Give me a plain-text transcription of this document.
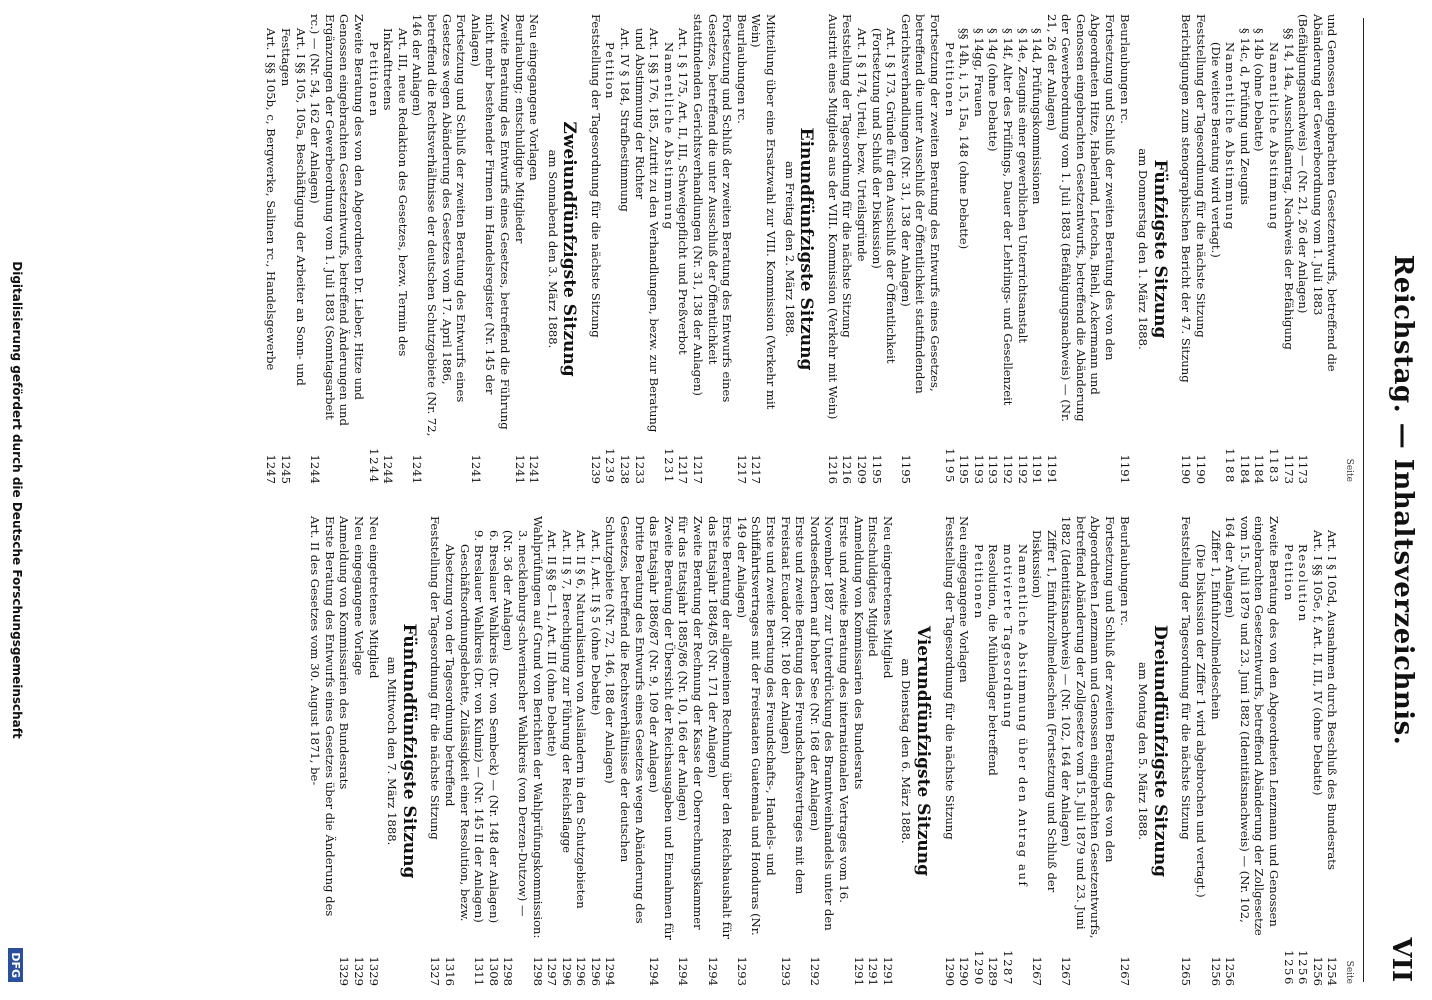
Reichstag. — Inhaltsverzeichnis.
VII
Seite
und Genossen eingebrachten Gesetzentwurfs, betreffend die Abänderung der Gewerbeordnung vom 1. Juli 1883 (Befähigungsnachweis) — (Nr. 21, 26 der Anlagen)
1173
§§ 14, 14a, Ausschußantrag, Nachweis der Befähigung
1173
Namentliche Abstimmung
1183
§ 14b (ohne Debatte)
1184
§ 14c, d, Prüfung und Zeugnis
1184
Namentliche Abstimmung
1188
(Die weitere Beratung wird vertagt.)
Feststellung der Tagesordnung für die nächste Sitzung
1190
Berichtigungen zum stenographischen Bericht der 47. Sitzung
1190
Fünfzigste Sitzung
am Donnerstag den 1. März 1888.
Beurlaubungen rc.
1191
Fortsetzung und Schluß der zweiten Beratung des von den Abgeordneten Hitze, Haberland, Letocha, Biehl, Ackermann und Genossen eingebrachten Gesetzentwurfs, betreffend die Abänderung der Gewerbeordnung vom 1. Juli 1883 (Befähigungsnachweis) — (Nr. 21, 26 der Anlagen)
1191
§ 14d, Prüfungskommissionen
1191
§ 14e, Zeugnis einer gewerblichen Unterrichtsanstalt
1192
§ 14f, Alter des Prüflings, Dauer der Lehrlings- und Gesellenzeit
1192
§ 14g (ohne Debatte)
1193
§ 14gg, Frauen
1193
§§ 14h, i, 15, 15a, 148 (ohne Debatte)
1195
Petitionen
1195
Fortsetzung der zweiten Beratung des Entwurfs eines Gesetzes, betreffend die unter Ausschluß der Öffentlichkeit stattfindenden Gerichtsverhandlungen (Nr. 31, 138 der Anlagen)
1195
Art. I § 173, Gründe für den Ausschluß der Öffentlichkeit (Fortsetzung und Schluß der Diskussion)
1195
Art. I § 174, Urteil, bezw. Urteilsgründe
1209
Feststellung der Tagesordnung für die nächste Sitzung
1216
Austritt eines Mitglieds aus der VIII. Kommission (Verkehr mit Wein)
1216
Einundfünfzigste Sitzung
am Freitag den 2. März 1888.
Mitteilung über eine Ersatzwahl zur VIII. Kommission (Verkehr mit Wein)
1217
Beurlaubungen rc.
1217
Fortsetzung und Schluß der zweiten Beratung des Entwurfs eines Gesetzes, betreffend die unter Ausschluß der Öffentlichkeit stattfindenden Gerichtsverhandlungen (Nr. 31, 138 der Anlagen)
1217
Art. I § 175, Art. II, III, Schweigepflicht und Preßverbot
1217
Namentliche Abstimmung
1231
Art. I §§ 176, 185, Zutritt zu den Verhandlungen, bezw. zur Beratung und Abstimmung der Richter
1233
Art. IV § 184, Strafbestimmung
1238
Petition
1239
Feststellung der Tagesordnung für die nächste Sitzung
1239
Zweiundfünfzigste Sitzung
am Sonnabend den 3. März 1888.
Neu eingegangene Vorlagen
1241
Beurlaubung; entschuldigte Mitglieder
1241
Zweite Beratung des Entwurfs eines Gesetzes, betreffend die Führung nicht mehr bestehender Firmen im Handelsregister (Nr. 145 der Anlagen)
1241
Fortsetzung und Schluß der zweiten Beratung des Entwurfs eines Gesetzes wegen Abänderung des Gesetzes vom 17. April 1886, betreffend die Rechtsverhältnisse der deutschen Schutzgebiete (Nr. 72, 146 der Anlagen)
1241
Art. III, neue Redaktion des Gesetzes, bezw. Termin des Inkrafttretens
1244
Petitionen
1244
Zweite Beratung des von den Abgeordneten Dr. Lieber, Hitze und Genossen eingebrachten Gesetzentwurfs, betreffend Änderungen und Ergänzungen der Gewerbeordnung vom 1. Juli 1883 (Sonntagsarbeit rc.) — (Nr. 54, 162 der Anlagen)
1244
Art. I §§ 105, 105a, Beschäftigung der Arbeiter an Sonn- und Festtagen
1245
Art. I §§ 105b, c, Bergwerke, Salinen rc., Handelsgewerbe
1247
Seite
Art. I § 105d, Ausnahmen durch Beschluß des Bundesrats
1254
Art. I §§ 105e, f, Art. II, III, IV (ohne Debatte)
1256
Resolution
1256
Petition
1256
Zweite Beratung des von den Abgeordneten Lenzmann und Genossen eingebrachten Gesetzentwurfs, betreffend Abänderung der Zollgesetze vom 15. Juli 1879 und 23. Juni 1882 (Identitätsnachweis) — (Nr. 102, 164 der Anlagen)
1256
Ziffer 1, Einfuhrzollmeldeschein
1256
(Die Diskussion der Ziffer 1 wird abgebrochen und vertagt.)
Feststellung der Tagesordnung für die nächste Sitzung
1265
Dreiundfünfzigste Sitzung
am Montag den 5. März 1888.
Beurlaubungen rc.
1267
Fortsetzung und Schluß der zweiten Beratung des von den Abgeordneten Lenzmann und Genossen eingebrachten Gesetzentwurfs, betreffend Abänderung der Zollgesetze vom 15. Juli 1879 und 23. Juni 1882 (Identitätsnachweis) — (Nr. 102, 164 der Anlagen)
1267
Ziffer 1, Einfuhrzollmeldeschein (Fortsetzung und Schluß der Diskussion)
1267
Namentliche Abstimmung über den Antrag auf motivierte Tagesordnung
1287
Resolution, die Mühlenlager betreffend
1289
Petitionen
1290
Neu eingegangene Vorlagen
1290
Feststellung der Tagesordnung für die nächste Sitzung
1290
Vierundfünfzigste Sitzung
am Dienstag den 6. März 1888.
Neu eingetretenes Mitglied
1291
Entschuldigtes Mitglied
1291
Anmeldung von Kommissarien des Bundesrats
1291
Erste und zweite Beratung des internationalen Vertrages vom 16. November 1887 zur Unterdrückung des Branntweinhandels unter den Nordseefischern auf hoher See (Nr. 168 der Anlagen)
1292
Erste und zweite Beratung des Freundschaftsvertrages mit dem Freistaat Ecuador (Nr. 180 der Anlagen)
1293
Erste und zweite Beratung des Freundschafts-, Handels- und Schiffahrtsvertrages mit der Freistaaten Guatemala und Honduras (Nr. 149 der Anlagen)
1293
Erste Beratung der allgemeinen Rechnung über den Reichshaushalt für das Etatsjahr 1884/85 (Nr. 171 der Anlagen)
1294
Zweite Beratung der Rechnung der Kasse der Oberrechnungskammer für das Etatsjahr 1885/86 (Nr. 10, 166 der Anlagen)
1294
Zweite Beratung der Übersicht der Reichsausgaben und Einnahmen für das Etatsjahr 1886/87 (Nr. 9, 109 der Anlagen)
1294
Dritte Beratung des Entwurfs eines Gesetzes wegen Abänderung des Gesetzes, betreffend die Rechtsverhältnisse der deutschen Schutzgebiete (Nr. 72, 146, 188 der Anlagen)
1294
Art. I, Art. II § 5 (ohne Debatte)
1296
Art. II § 6, Naturalisation von Ausländern in den Schutzgebieten
1296
Art. II § 7, Berechtigung zur Führung der Reichsflagge
1296
Art. II §§ 8—11, Art. III (ohne Debatte)
1297
Wahlprüfungen auf Grund von Berichten der Wahlprüfungskommission:
1298
3. mecklenburg-schwerinscher Wahlkreis (von Derzen-Dutzow) — (Nr. 36 der Anlagen)
1298
6. Breslauer Wahlkreis (Dr. von Sembeck) — (Nr. 148 der Anlagen)
1308
9. Breslauer Wahlkreis (Dr. von Kulmiz) — (Nr. 145 II der Anlagen)
1311
Geschäftsordnungsdebatte, Zulässigkeit einer Resolution, bezw. Absetzung von der Tagesordnung betreffend
1316
Feststellung der Tagesordnung für die nächste Sitzung
1327
Fünfundfünfzigste Sitzung
am Mittwoch den 7. März 1888.
Neu eingetretenes Mitglied
1329
Neu eingegangene Vorlage
1329
Anmeldung von Kommissarien des Bundesrats
1329
Erste Beratung des Entwurfs eines Gesetzes über die Änderung des Art. II des Gesetzes vom 30. August 1871, be-
Digitalisierung gefördert durch die Deutsche Forschungsgemeinschaft
DFG
